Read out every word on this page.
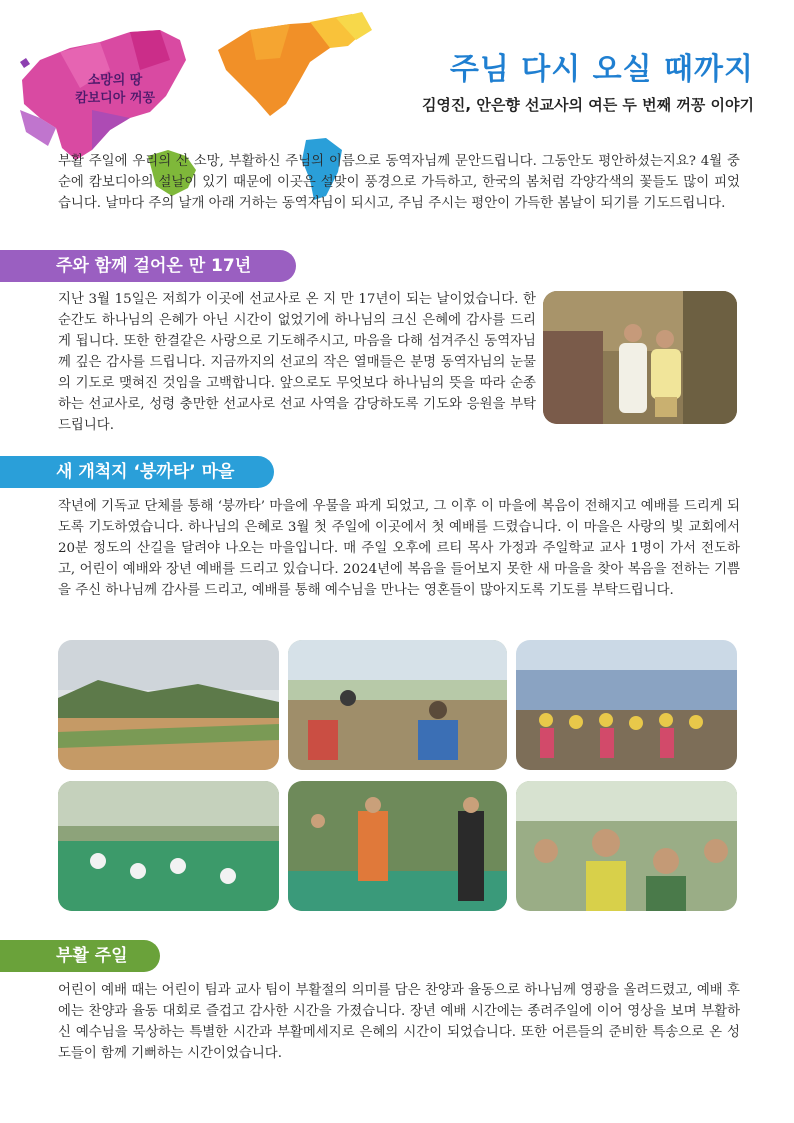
소망의 땅
캄보디아 꺼꽁
주님 다시 오실 때까지
김영진, 안은향 선교사의 여든 두 번째 꺼꽁 이야기
부활 주일에 우리의 산 소망, 부활하신 주님의 이름으로 동역자님께 문안드립니다. 그동안도 평안하셨는지요? 4월 중순에 캄보디아의 설날이 있기 때문에 이곳은 설맞이 풍경으로 가득하고, 한국의 봄처럼 각양각색의 꽃들도 많이 피었습니다. 날마다 주의 날개 아래 거하는 동역자님이 되시고, 주님 주시는 평안이 가득한 봄날이 되기를 기도드립니다.
주와 함께 걸어온 만 17년
지난 3월 15일은 저희가 이곳에 선교사로 온 지 만 17년이 되는 날이었습니다. 한순간도 하나님의 은혜가 아닌 시간이 없었기에 하나님의 크신 은혜에 감사를 드리게 됩니다. 또한 한결같은 사랑으로 기도해주시고, 마음을 다해 섬겨주신 동역자님께 깊은 감사를 드립니다. 지금까지의 선교의 작은 열매들은 분명 동역자님의 눈물의 기도로 맺혀진 것임을 고백합니다. 앞으로도 무엇보다 하나님의 뜻을 따라 순종하는 선교사로, 성령 충만한 선교사로 선교 사역을 감당하도록 기도와 응원을 부탁드립니다.
새 개척지 ‘붕까타’ 마을
작년에 기독교 단체를 통해 ‘붕까타’ 마을에 우물을 파게 되었고, 그 이후 이 마을에 복음이 전해지고 예배를 드리게 되도록 기도하였습니다. 하나님의 은혜로 3월 첫 주일에 이곳에서 첫 예배를 드렸습니다. 이 마을은 사랑의 빛 교회에서 20분 정도의 산길을 달려야 나오는 마을입니다. 매 주일 오후에 르티 목사 가정과 주일학교 교사 1명이 가서 전도하고, 어린이 예배와 장년 예배를 드리고 있습니다. 2024년에 복음을 들어보지 못한 새 마을을 찾아 복음을 전하는 기쁨을 주신 하나님께 감사를 드리고, 예배를 통해 예수님을 만나는 영혼들이 많아지도록 기도를 부탁드립니다.
부활 주일
어린이 예배 때는 어린이 팀과 교사 팀이 부활절의 의미를 담은 찬양과 율동으로 하나님께 영광을 올려드렸고, 예배 후에는 찬양과 율동 대회로 즐겁고 감사한 시간을 가졌습니다. 장년 예배 시간에는 종려주일에 이어 영상을 보며 부활하신 예수님을 묵상하는 특별한 시간과 부활메세지로 은혜의 시간이 되었습니다. 또한 어른들의 준비한 특송으로 온 성도들이 함께 기뻐하는 시간이었습니다.
